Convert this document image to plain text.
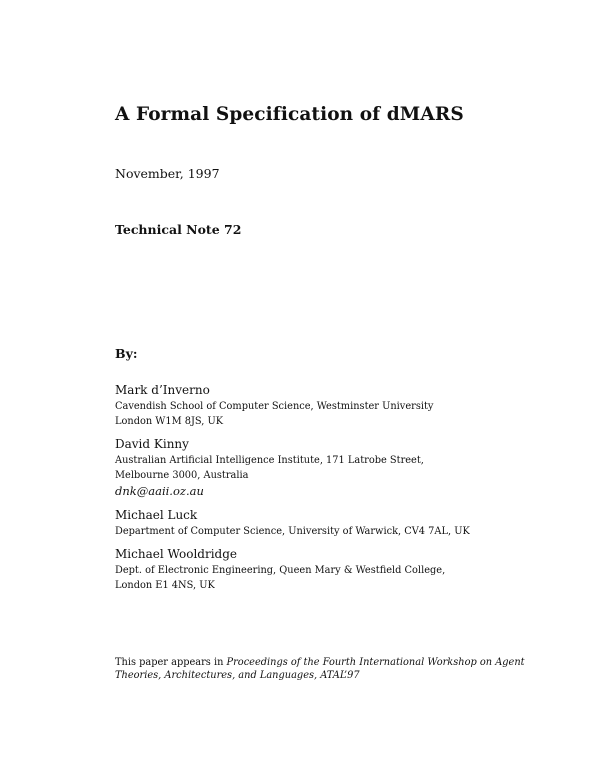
A Formal Specification of dMARS
November, 1997
Technical Note 72
By:
Mark d’Inverno
Cavendish School of Computer Science, Westminster University
London W1M 8JS, UK
David Kinny
Australian Artificial Intelligence Institute, 171 Latrobe Street,
Melbourne 3000, Australia
dnk@aaii.oz.au
Michael Luck
Department of Computer Science, University of Warwick, CV4 7AL, UK
Michael Wooldridge
Dept. of Electronic Engineering, Queen Mary & Westfield College,
London E1 4NS, UK
This paper appears in Proceedings of the Fourth International Workshop on Agent
Theories, Architectures, and Languages, ATAL’97
